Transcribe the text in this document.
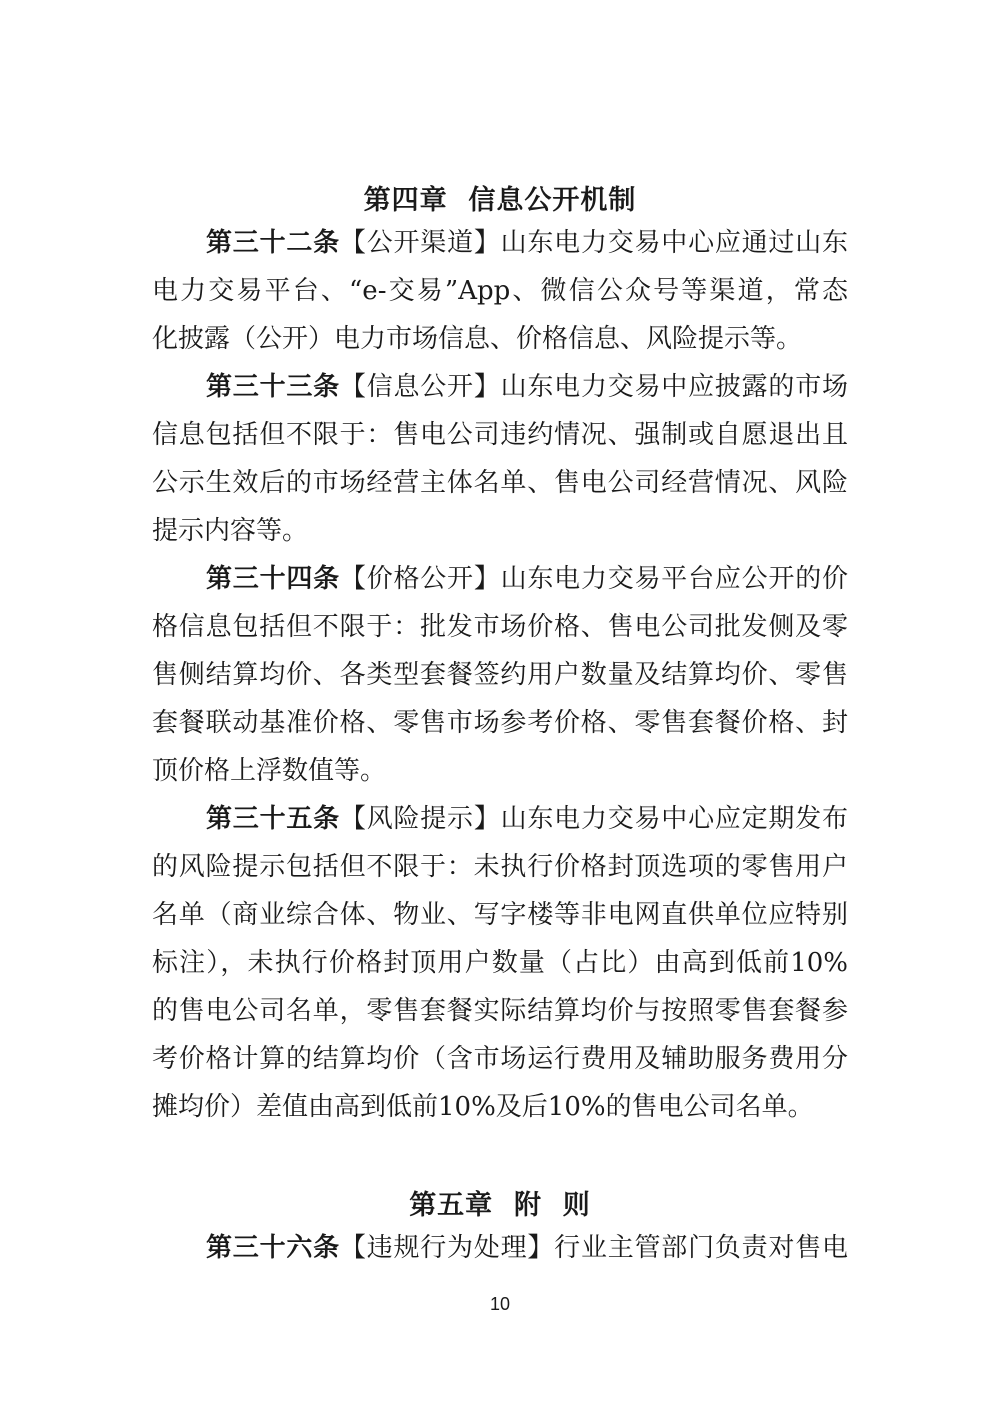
第四章  信息公开机制
第三十二条【公开渠道】山东电力交易中心应通过山东
电力交易平台、“e-交易”App、微信公众号等渠道，常态
化披露（公开）电力市场信息、价格信息、风险提示等。
第三十三条【信息公开】山东电力交易中应披露的市场
信息包括但不限于：售电公司违约情况、强制或自愿退出且
公示生效后的市场经营主体名单、售电公司经营情况、风险
提示内容等。
第三十四条【价格公开】山东电力交易平台应公开的价
格信息包括但不限于：批发市场价格、售电公司批发侧及零
售侧结算均价、各类型套餐签约用户数量及结算均价、零售
套餐联动基准价格、零售市场参考价格、零售套餐价格、封
顶价格上浮数值等。
第三十五条【风险提示】山东电力交易中心应定期发布
的风险提示包括但不限于：未执行价格封顶选项的零售用户
名单（商业综合体、物业、写字楼等非电网直供单位应特别
标注），未执行价格封顶用户数量（占比）由高到低前10%
的售电公司名单，零售套餐实际结算均价与按照零售套餐参
考价格计算的结算均价（含市场运行费用及辅助服务费用分
摊均价）差值由高到低前10%及后10%的售电公司名单。
第五章  附  则
第三十六条【违规行为处理】行业主管部门负责对售电
10
